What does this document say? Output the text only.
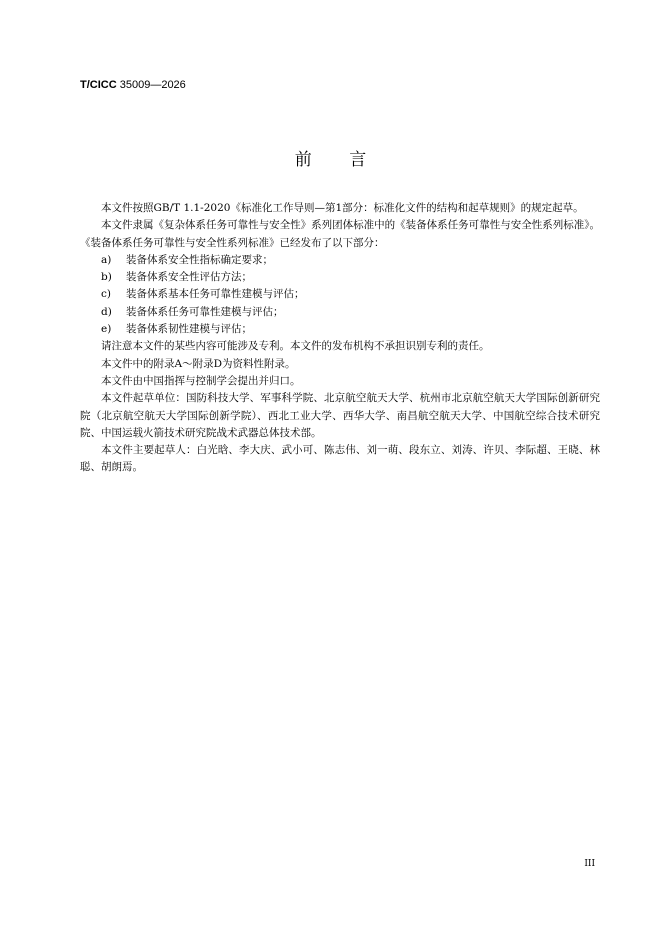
T/CICC 35009—2026
前 言

本文件按照GB/T 1.1-2020《标准化工作导则—第1部分：标准化文件的结构和起草规则》的规定起草。

本文件隶属《复杂体系任务可靠性与安全性》系列团体标准中的《装备体系任务可靠性与安全性系列标准》。《装备体系任务可靠性与安全性系列标准》已经发布了以下部分：

a) 装备体系安全性指标确定要求；
b) 装备体系安全性评估方法；
c) 装备体系基本任务可靠性建模与评估；
d) 装备体系任务可靠性建模与评估；
e) 装备体系韧性建模与评估；

请注意本文件的某些内容可能涉及专利。本文件的发布机构不承担识别专利的责任。

本文件中的附录A～附录D为资料性附录。

本文件由中国指挥与控制学会提出并归口。

本文件起草单位：国防科技大学、军事科学院、北京航空航天大学、杭州市北京航空航天大学国际创新研究院（北京航空航天大学国际创新学院）、西北工业大学、西华大学、南昌航空航天大学、中国航空综合技术研究院、中国运载火箭技术研究院战术武器总体技术部。

本文件主要起草人：白光晗、李大庆、武小可、陈志伟、刘一萌、段东立、刘涛、许贝、李际超、王晓、林聪、胡朗焉。

III
